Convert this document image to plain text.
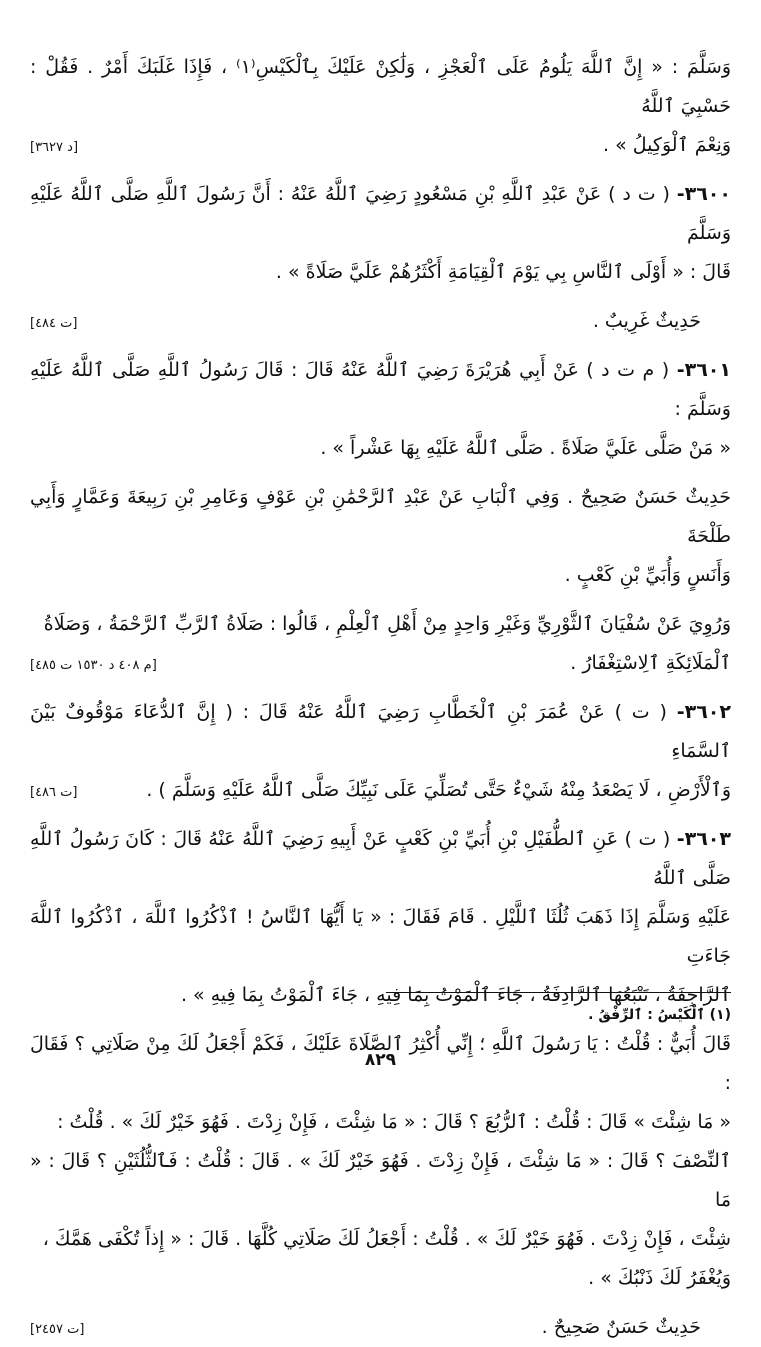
وَسَلَّمَ : « إِنَّ ٱللَّهَ يَلُومُ عَلَى ٱلْعَجْزِ ، وَلَٰكِنْ عَلَيْكَ بِٱلْكَيْسِ⁽١⁾ ، فَإِذَا غَلَبَكَ أَمْرٌ . فَقُلْ : حَسْبِيَ ٱللَّهُ

وَنِعْمَ ٱلْوَكِيلُ » .

[د ٣٦٢٧]

٣٦٠٠- ( ت د ) عَنْ عَبْدِ ٱللَّهِ بْنِ مَسْعُودٍ رَضِيَ ٱللَّهُ عَنْهُ : أَنَّ رَسُولَ ٱللَّهِ صَلَّى ٱللَّهُ عَلَيْهِ وَسَلَّمَ

قَالَ : « أَوْلَى ٱلنَّاسِ بِي يَوْمَ ٱلْقِيَامَةِ أَكْثَرُهُمْ عَلَيَّ صَلَاةً » .

حَدِيثٌ غَرِيبٌ .

[ت ٤٨٤]

٣٦٠١- ( م ت د ) عَنْ أَبِي هُرَيْرَةَ رَضِيَ ٱللَّهُ عَنْهُ قَالَ : قَالَ رَسُولُ ٱللَّهِ صَلَّى ٱللَّهُ عَلَيْهِ وَسَلَّمَ :

« مَنْ صَلَّى عَلَيَّ صَلَاةً . صَلَّى ٱللَّهُ عَلَيْهِ بِهَا عَشْراً » .

حَدِيثٌ حَسَنٌ صَحِيحٌ . وَفِي ٱلْبَابِ عَنْ عَبْدِ ٱلرَّحْمَٰنِ بْنِ عَوْفٍ وَعَامِرِ بْنِ رَبِيعَةَ وَعَمَّارٍ وَأَبِي طَلْحَةَ

وَأَنَسٍ وَأُبَيِّ بْنِ كَعْبٍ .

وَرُوِيَ عَنْ سُفْيَانَ ٱلثَّوْرِيِّ وَغَيْرِ وَاحِدٍ مِنْ أَهْلِ ٱلْعِلْمِ ، قَالُوا : صَلَاةُ ٱلرَّبِّ ٱلرَّحْمَةُ ، وَصَلَاةُ

ٱلْمَلَائِكَةِ ٱلِاسْتِغْفَارُ .

[م ٤٠٨ د ١٥٣٠ ت ٤٨٥]

٣٦٠٢- ( ت ) عَنْ عُمَرَ بْنِ ٱلْخَطَّابِ رَضِيَ ٱللَّهُ عَنْهُ قَالَ : ( إِنَّ ٱلدُّعَاءَ مَوْقُوفٌ بَيْنَ ٱلسَّمَاءِ

وَٱلْأَرْضِ ، لَا يَصْعَدُ مِنْهُ شَيْءٌ حَتَّى تُصَلِّيَ عَلَى نَبِيِّكَ صَلَّى ٱللَّهُ عَلَيْهِ وَسَلَّمَ ) .

[ت ٤٨٦]

٣٦٠٣- ( ت ) عَنِ ٱلطُّفَيْلِ بْنِ أُبَيِّ بْنِ كَعْبٍ عَنْ أَبِيهِ رَضِيَ ٱللَّهُ عَنْهُ قَالَ : كَانَ رَسُولُ ٱللَّهِ صَلَّى ٱللَّهُ

عَلَيْهِ وَسَلَّمَ إِذَا ذَهَبَ ثُلُثَا ٱللَّيْلِ . قَامَ فَقَالَ : « يَا أَيُّهَا ٱلنَّاسُ ! ٱذْكُرُوا ٱللَّهَ ، ٱذْكُرُوا ٱللَّهَ جَاءَتِ

ٱلرَّاجِفَةُ ، تَتْبَعُهَا ٱلرَّادِفَةُ ، جَاءَ ٱلْمَوْتُ بِمَا فِيهِ ، جَاءَ ٱلْمَوْتُ بِمَا فِيهِ » .

قَالَ أُبَيٌّ : قُلْتُ : يَا رَسُولَ ٱللَّهِ ؛ إِنِّي أُكْثِرُ ٱلصَّلَاةَ عَلَيْكَ ، فَكَمْ أَجْعَلُ لَكَ مِنْ صَلَاتِي ؟ فَقَالَ :

« مَا شِئْتَ » قَالَ : قُلْتُ : ٱلرُّبُعَ ؟ قَالَ : « مَا شِئْتَ ، فَإِنْ زِدْتَ . فَهُوَ خَيْرٌ لَكَ » . قُلْتُ :

ٱلنِّصْفَ ؟ قَالَ : « مَا شِئْتَ ، فَإِنْ زِدْتَ . فَهُوَ خَيْرٌ لَكَ » . قَالَ : قُلْتُ : فَٱلثُّلُثَيْنِ ؟ قَالَ : « مَا

شِئْتَ ، فَإِنْ زِدْتَ . فَهُوَ خَيْرٌ لَكَ » . قُلْتُ : أَجْعَلُ لَكَ صَلَاتِي كُلَّهَا . قَالَ : « إِذاً تُكْفَى هَمَّكَ ،

وَيُغْفَرُ لَكَ ذَنْبُكَ » .

حَدِيثٌ حَسَنٌ صَحِيحٌ .

[ت ٢٤٥٧]
(١) ٱلْكَيْسُ : ٱلرِّفْقُ .
٨٢٩
